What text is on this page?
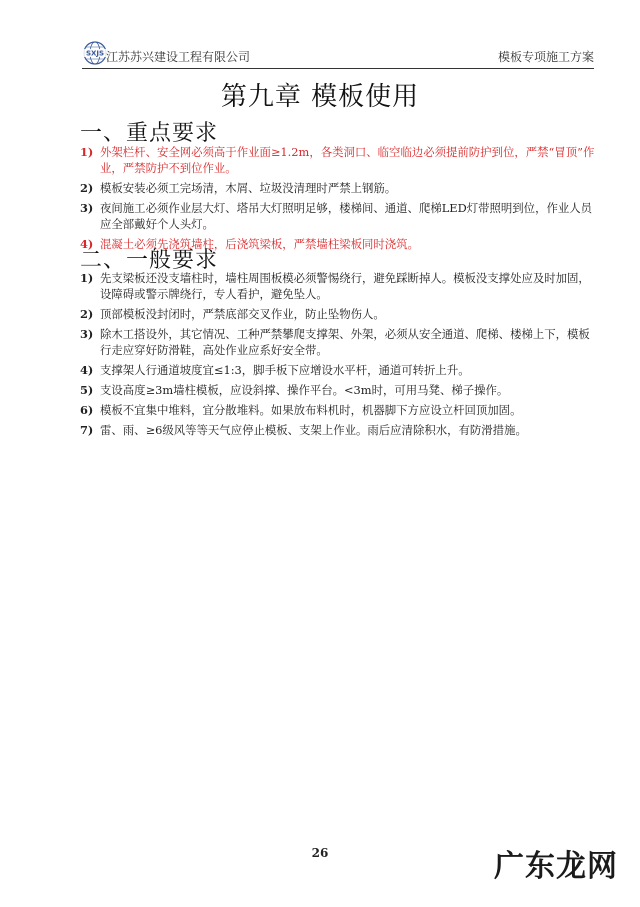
SXJS 江苏苏兴建设工程有限公司	模板专项施工方案
第九章 模板使用
一、重点要求
1) 外架栏杆、安全网必须高于作业面≥1.2m，各类洞口、临空临边必须提前防护到位，严禁“冒顶”作业，严禁防护不到位作业。
2) 模板安装必须工完场清，木屑、垃圾没清理时严禁上钢筋。
3) 夜间施工必须作业层大灯、塔吊大灯照明足够，楼梯间、通道、爬梯LED灯带照明到位，作业人员应全部戴好个人头灯。
4) 混凝土必须先浇筑墙柱，后浇筑梁板，严禁墙柱梁板同时浇筑。
二、一般要求
1) 先支梁板还没支墙柱时，墙柱周围板模必须警惕绕行，避免踩断掉人。模板没支撑处应及时加固，设障碍或警示牌绕行，专人看护，避免坠人。
2) 顶部模板没封闭时，严禁底部交叉作业，防止坠物伤人。
3) 除木工搭设外，其它情况、工种严禁攀爬支撑架、外架，必须从安全通道、爬梯、楼梯上下，模板行走应穿好防滑鞋，高处作业应系好安全带。
4) 支撑架人行通道坡度宜≤1:3，脚手板下应增设水平杆，通道可转折上升。
5) 支设高度≥3m墙柱模板，应设斜撑、操作平台。<3m时，可用马凳、梯子操作。
6) 模板不宜集中堆料，宜分散堆料。如果放布料机时，机器脚下方应设立杆回顶加固。
7) 雷、雨、≥6级风等等天气应停止模板、支架上作业。雨后应清除积水，有防滑措施。
26	广东龙网
